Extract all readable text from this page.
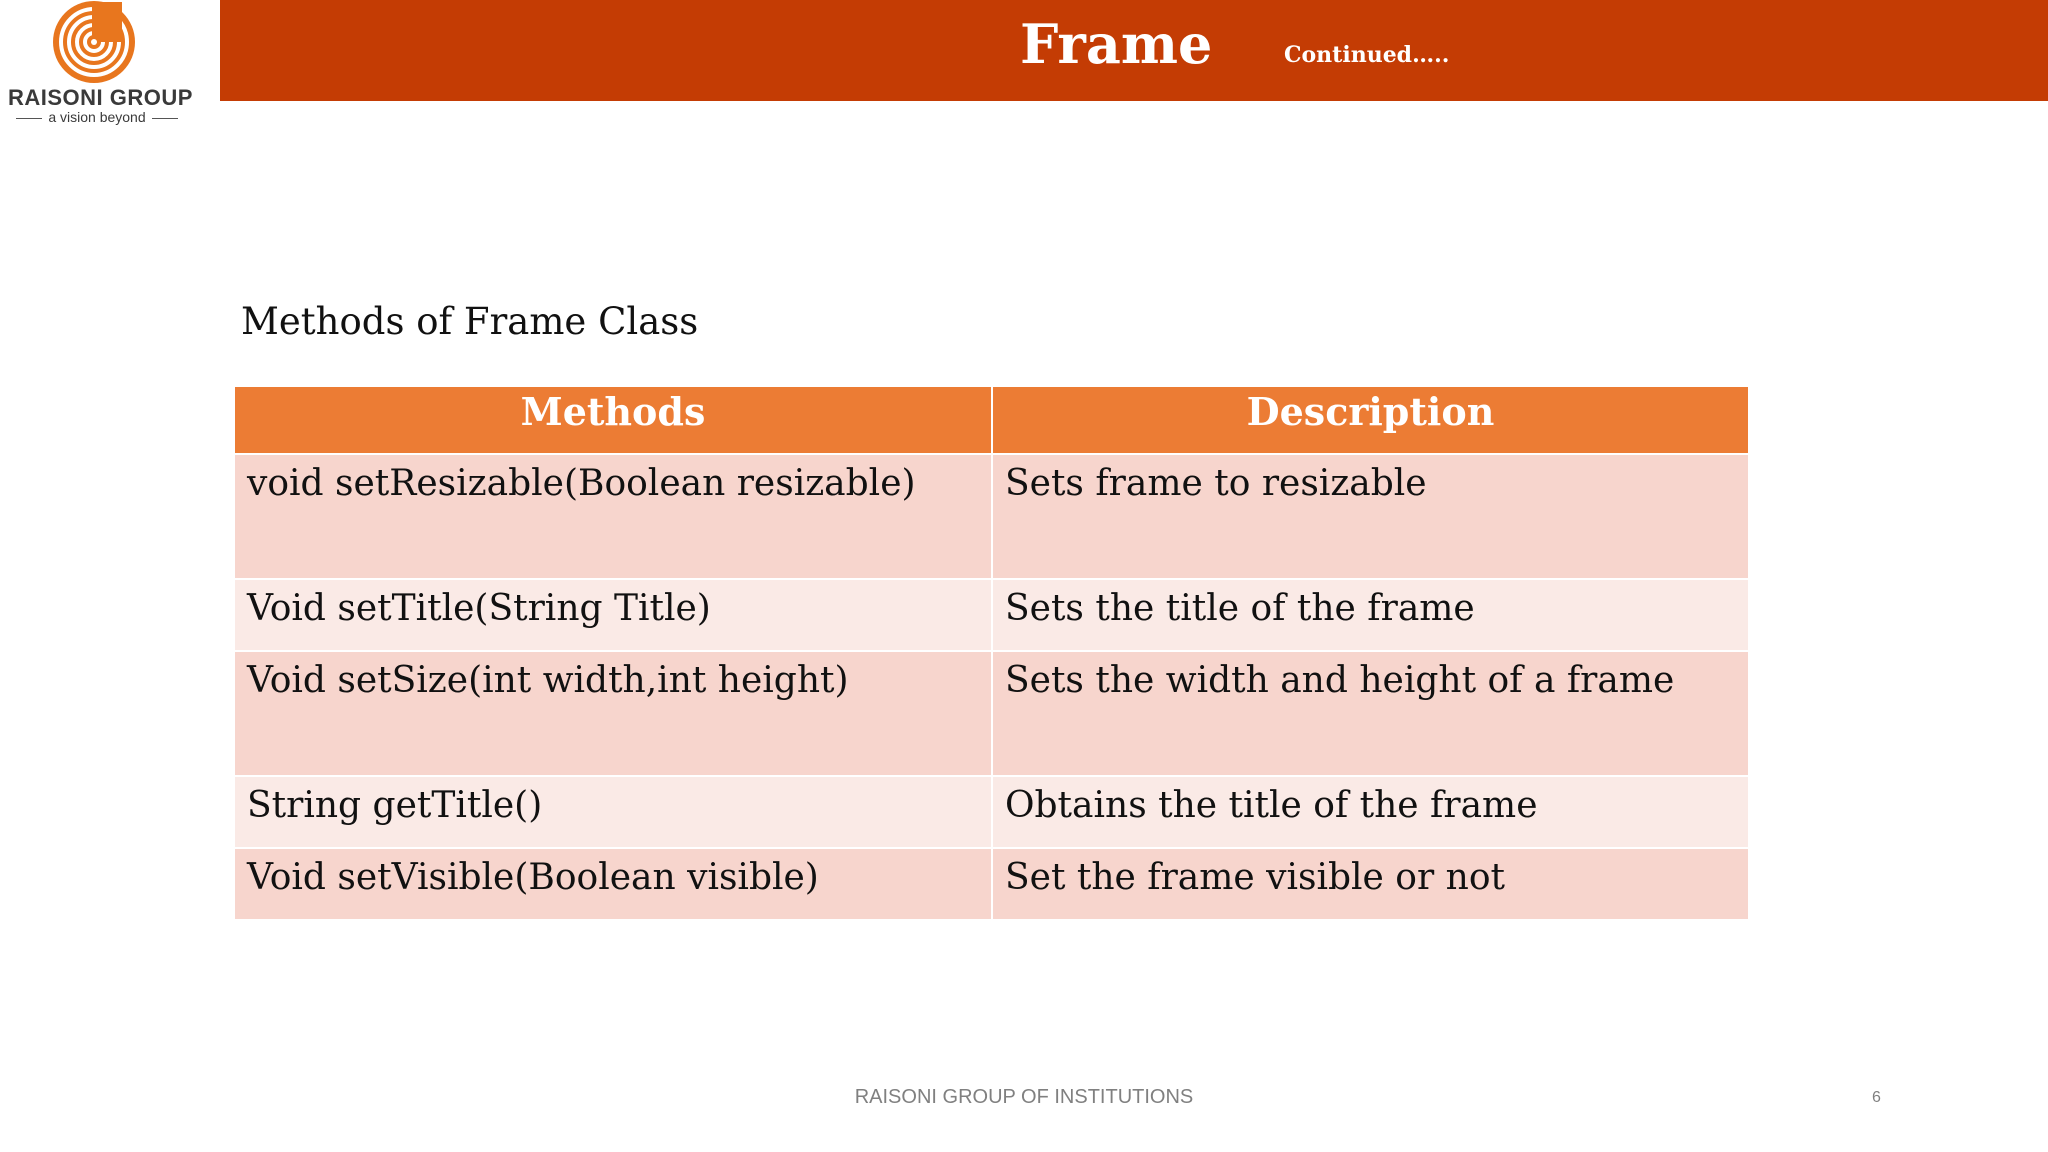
RAISONI GROUP
a vision beyond
Frame	Continued…..
Methods of Frame Class
Methods	Description
void setResizable(Boolean resizable)	Sets frame to resizable
Void setTitle(String Title)	Sets the title of the frame
Void setSize(int width,int height)	Sets the width and height of a frame
String getTitle()	Obtains the title of the frame
Void setVisible(Boolean visible)	Set the frame visible or not
RAISONI GROUP OF INSTITUTIONS	6
